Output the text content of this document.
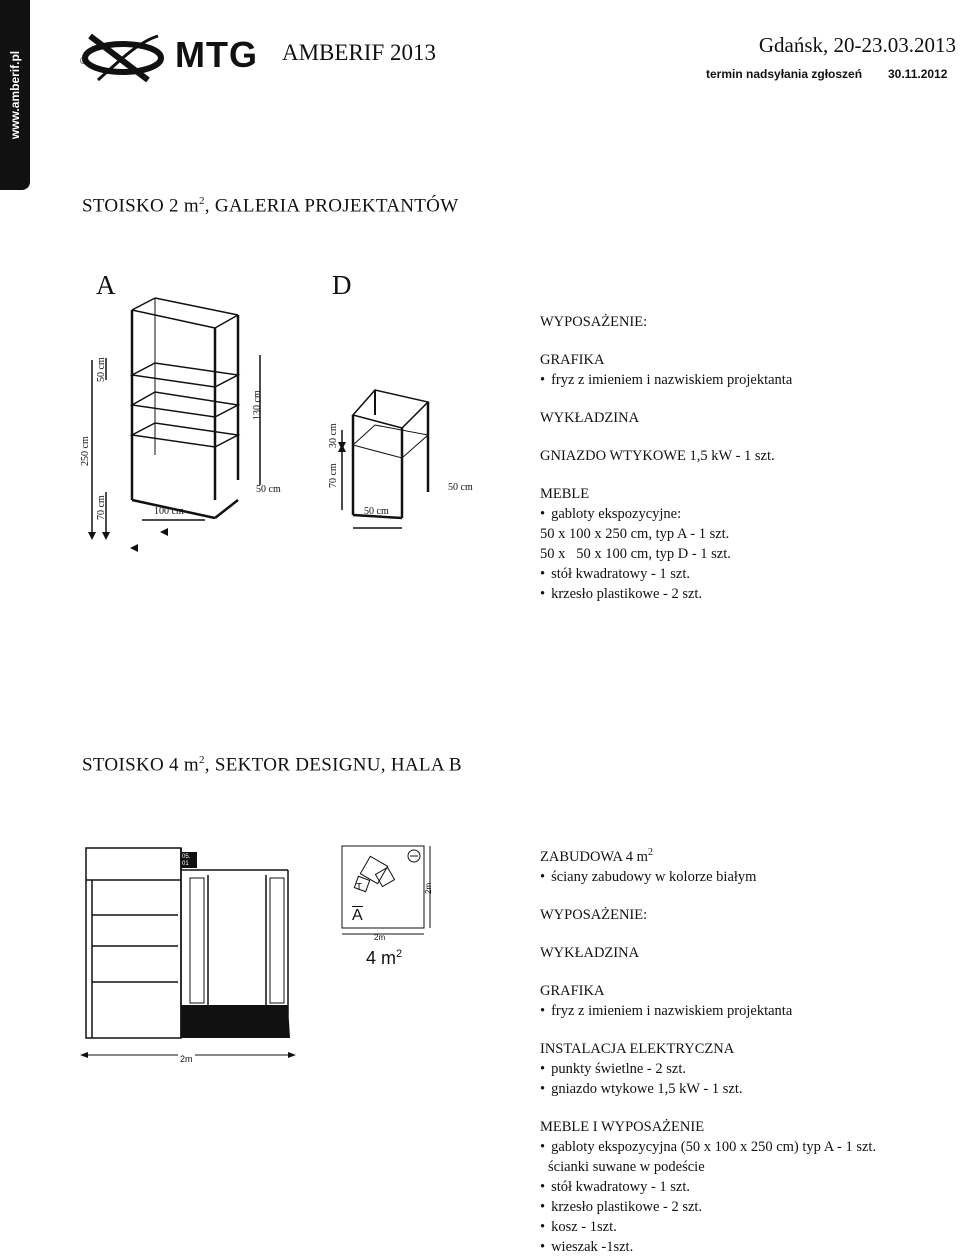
www.amberif.pl	® MTG AMBERIF 2013	Gdańsk, 20-23.03.2013
termin nadsyłania zgłoszeń 30.11.2012
STOISKO 2 $m^2$, GALERIA PROJEKTANTÓW
A	D
250 cm
50 cm
130 cm
70 cm	100 cm
50 cm
30 cm
70 cm
50 cm
50 cm
WYPOSAŻENIE:
GRAFIKA
• fryz z imieniem i nazwiskiem projektanta
WYKŁADZINA
GNIAZDO WTYKOWE 1,5 kW - 1 szt.
MEBLE
• gabloty ekspozycyjne:
50 x 100 x 250 cm, typ A - 1 szt.
50 x   50 x 100 cm, typ D - 1 szt.
• stół kwadratowy - 1 szt.
• krzesło plastikowe - 2 szt.
STOISKO 4 $m^2$, SEKTOR DESIGNU, HALA B
05.
01
2m
T
A
2m
2m
4 $m^2$
ZABUDOWA 4 $m^2$
• ściany zabudowy w kolorze białym
WYPOSAŻENIE:
WYKŁADZINA
GRAFIKA
• fryz z imieniem i nazwiskiem projektanta
INSTALACJA ELEKTRYCZNA
• punkty świetlne - 2 szt.
• gniazdo wtykowe 1,5 kW - 1 szt.
MEBLE I WYPOSAŻENIE
• gabloty ekspozycyjna (50 x 100 x 250 cm) typ A - 1 szt.
ścianki suwane w podeście
• stół kwadratowy - 1 szt.
• krzesło plastikowe - 2 szt.
• kosz - 1szt.
• wieszak -1szt.
